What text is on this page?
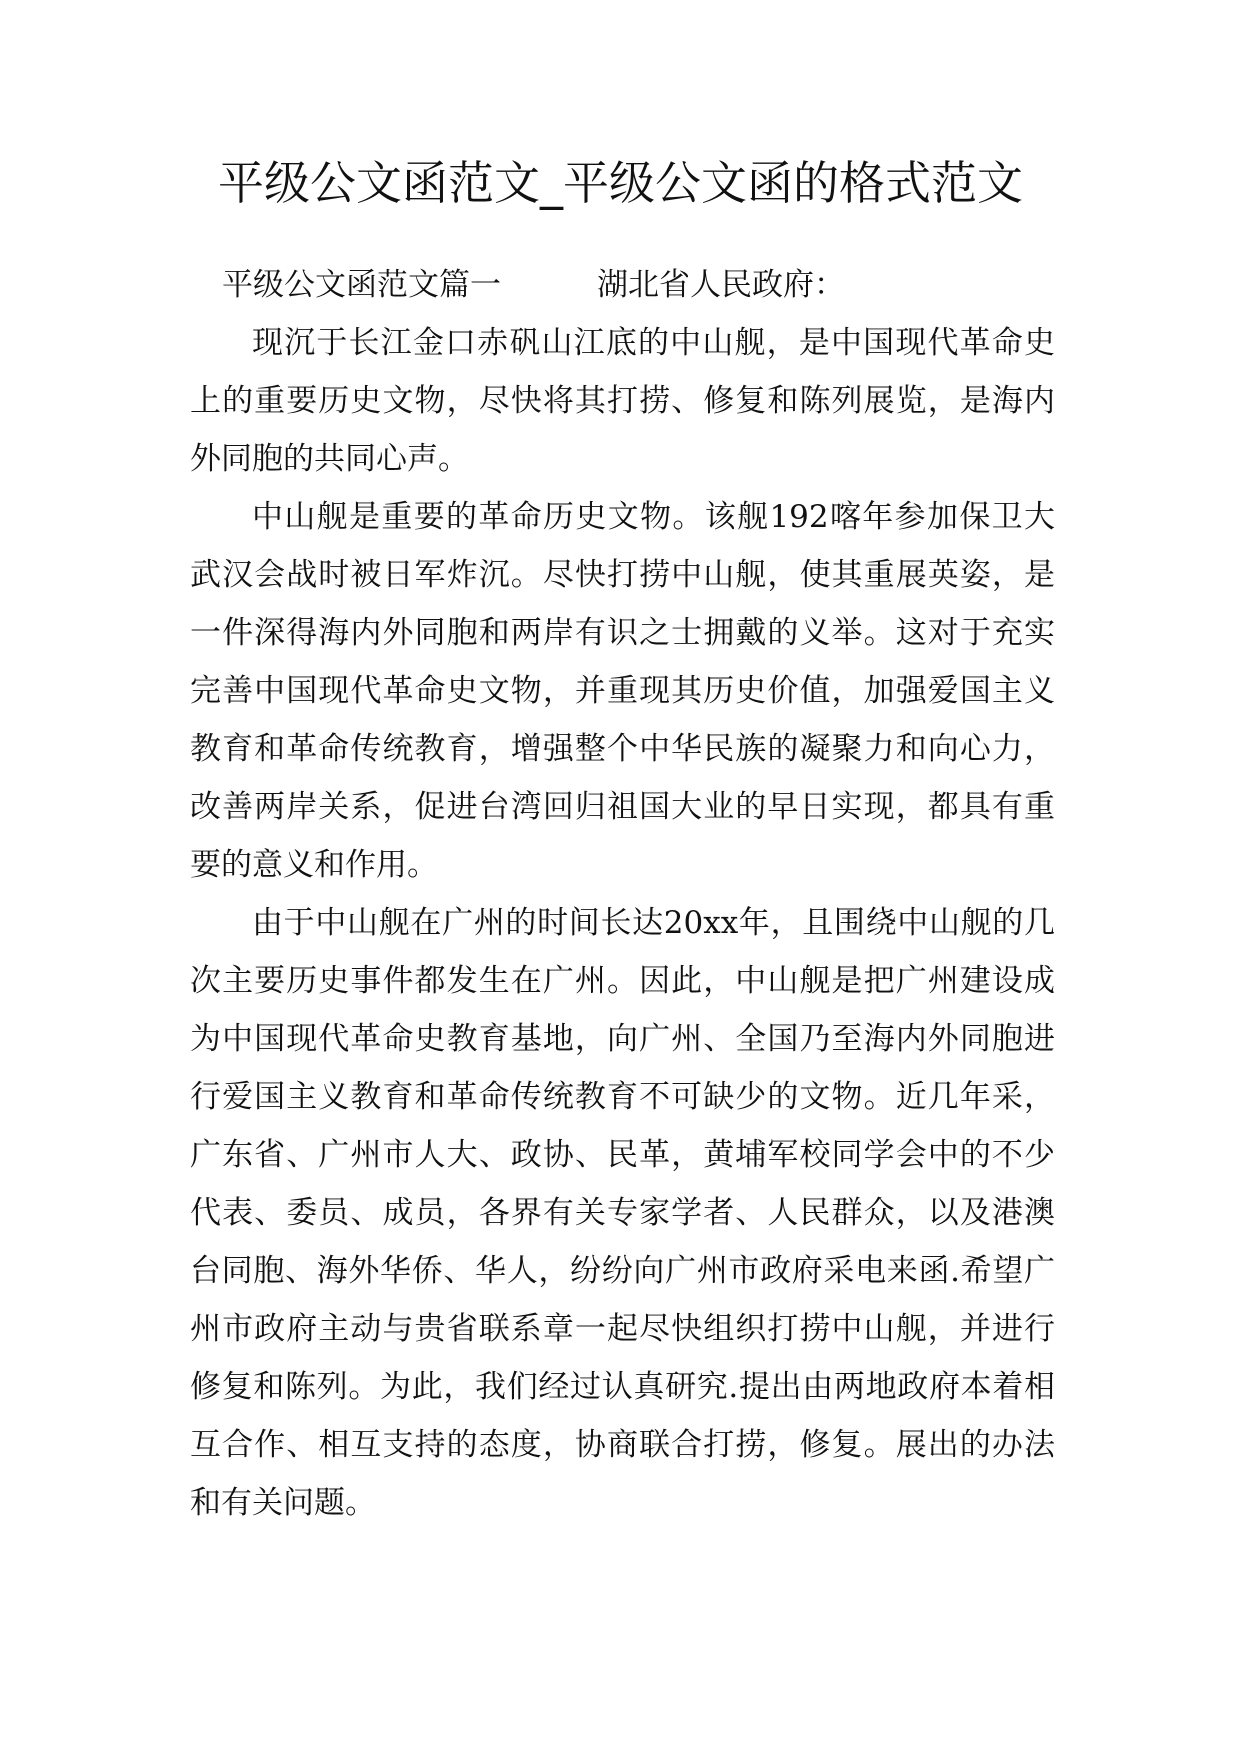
平级公文函范文_平级公文函的格式范文

平级公文函范文篇一	湖北省人民政府：

现沉于长江金口赤矾山江底的中山舰，是中国现代革命史上的重要历史文物，尽快将其打捞、修复和陈列展览，是海内外同胞的共同心声。

中山舰是重要的革命历史文物。该舰192喀年参加保卫大武汉会战时被日军炸沉。尽快打捞中山舰，使其重展英姿，是一件深得海内外同胞和两岸有识之士拥戴的义举。这对于充实完善中国现代革命史文物，并重现其历史价值，加强爱国主义教育和革命传统教育，增强整个中华民族的凝聚力和向心力，改善两岸关系，促进台湾回归祖国大业的早日实现，都具有重要的意义和作用。

由于中山舰在广州的时间长达20xx年，且围绕中山舰的几次主要历史事件都发生在广州。因此，中山舰是把广州建设成为中国现代革命史教育基地，向广州、全国乃至海内外同胞进行爱国主义教育和革命传统教育不可缺少的文物。近几年采，广东省、广州市人大、政协、民革，黄埔军校同学会中的不少代表、委员、成员，各界有关专家学者、人民群众，以及港澳台同胞、海外华侨、华人，纷纷向广州市政府采电来函.希望广州市政府主动与贵省联系章一起尽快组织打捞中山舰，并进行修复和陈列。为此，我们经过认真研究.提出由两地政府本着相互合作、相互支持的态度，协商联合打捞，修复。展出的办法和有关问题。
